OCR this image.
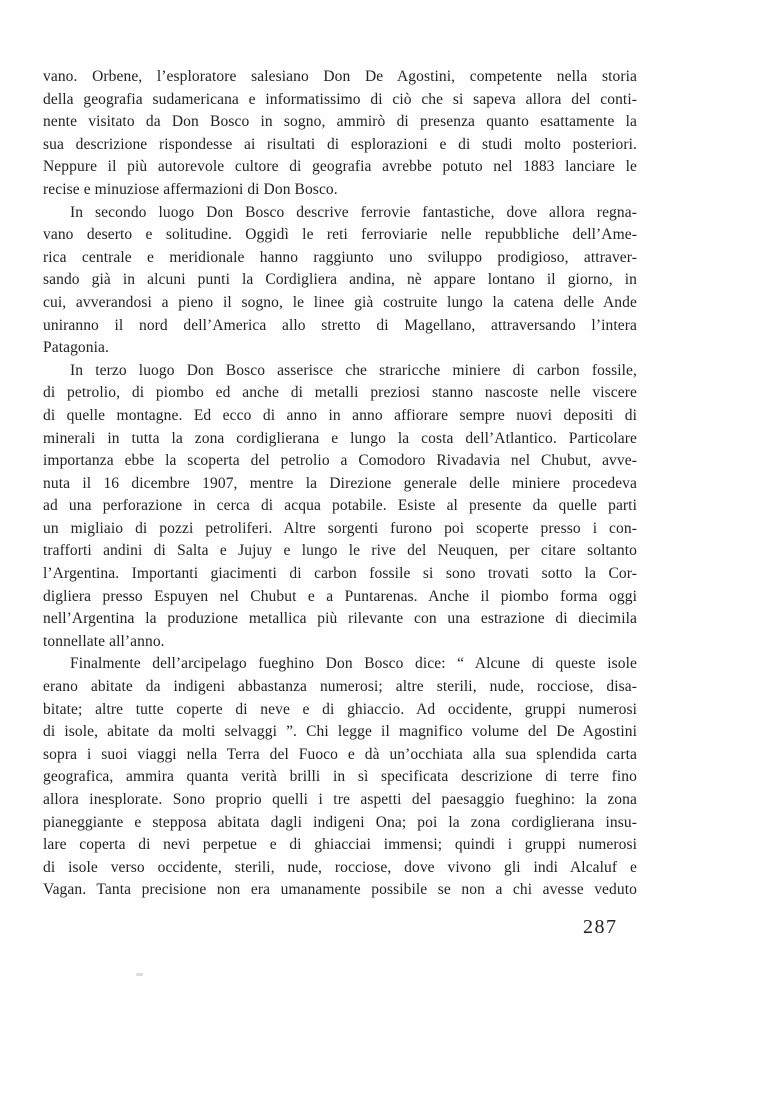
vano. Orbene, l’esploratore salesiano Don De Agostini, competente nella storia
della geografia sudamericana e informatissimo di ciò che si sapeva allora del conti-
nente visitato da Don Bosco in sogno, ammirò di presenza quanto esattamente la
sua descrizione rispondesse ai risultati di esplorazioni e di studi molto posteriori.
Neppure il più autorevole cultore di geografia avrebbe potuto nel 1883 lanciare le
recise e minuziose affermazioni di Don Bosco.
In secondo luogo Don Bosco descrive ferrovie fantastiche, dove allora regna-
vano deserto e solitudine. Oggidì le reti ferroviarie nelle repubbliche dell’Ame-
rica centrale e meridionale hanno raggiunto uno sviluppo prodigioso, attraver-
sando già in alcuni punti la Cordigliera andina, nè appare lontano il giorno, in
cui, avverandosi a pieno il sogno, le linee già costruite lungo la catena delle Ande
uniranno il nord dell’America allo stretto di Magellano, attraversando l’intera
Patagonia.
In terzo luogo Don Bosco asserisce che straricche miniere di carbon fossile,
di petrolio, di piombo ed anche di metalli preziosi stanno nascoste nelle viscere
di quelle montagne. Ed ecco di anno in anno affiorare sempre nuovi depositi di
minerali in tutta la zona cordiglierana e lungo la costa dell’Atlantico. Particolare
importanza ebbe la scoperta del petrolio a Comodoro Rivadavia nel Chubut, avve-
nuta il 16 dicembre 1907, mentre la Direzione generale delle miniere procedeva
ad una perforazione in cerca di acqua potabile. Esiste al presente da quelle parti
un migliaio di pozzi petroliferi. Altre sorgenti furono poi scoperte presso i con-
trafforti andini di Salta e Jujuy e lungo le rive del Neuquen, per citare soltanto
l’Argentina. Importanti giacimenti di carbon fossile si sono trovati sotto la Cor-
digliera presso Espuyen nel Chubut e a Puntarenas. Anche il piombo forma oggi
nell’Argentina la produzione metallica più rilevante con una estrazione di diecimila
tonnellate all’anno.
Finalmente dell’arcipelago fueghino Don Bosco dice: “ Alcune di queste isole
erano abitate da indigeni abbastanza numerosi; altre sterili, nude, rocciose, disa-
bitate; altre tutte coperte di neve e di ghiaccio. Ad occidente, gruppi numerosi
di isole, abitate da molti selvaggi ”. Chi legge il magnifico volume del De Agostini
sopra i suoi viaggi nella Terra del Fuoco e dà un’occhiata alla sua splendida carta
geografica, ammira quanta verità brilli in sì specificata descrizione di terre fino
allora inesplorate. Sono proprio quelli i tre aspetti del paesaggio fueghino: la zona
pianeggiante e stepposa abitata dagli indigeni Ona; poi la zona cordiglierana insu-
lare coperta di nevi perpetue e di ghiacciai immensi; quindi i gruppi numerosi
di isole verso occidente, sterili, nude, rocciose, dove vivono gli indi Alcaluf e
Vagan. Tanta precisione non era umanamente possibile se non a chi avesse veduto
287
